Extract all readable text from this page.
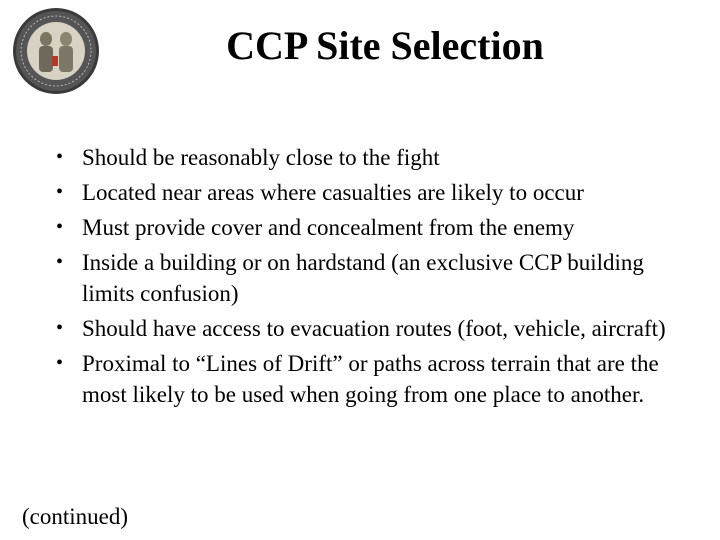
CCP Site Selection
• Should be reasonably close to the fight
• Located near areas where casualties are likely to occur
• Must provide cover and concealment from the enemy
• Inside a building or on hardstand (an exclusive CCP building limits confusion)
• Should have access to evacuation routes (foot, vehicle, aircraft)
• Proximal to “Lines of Drift” or paths across terrain that are the most likely to be used when going from one place to another.
(continued)
